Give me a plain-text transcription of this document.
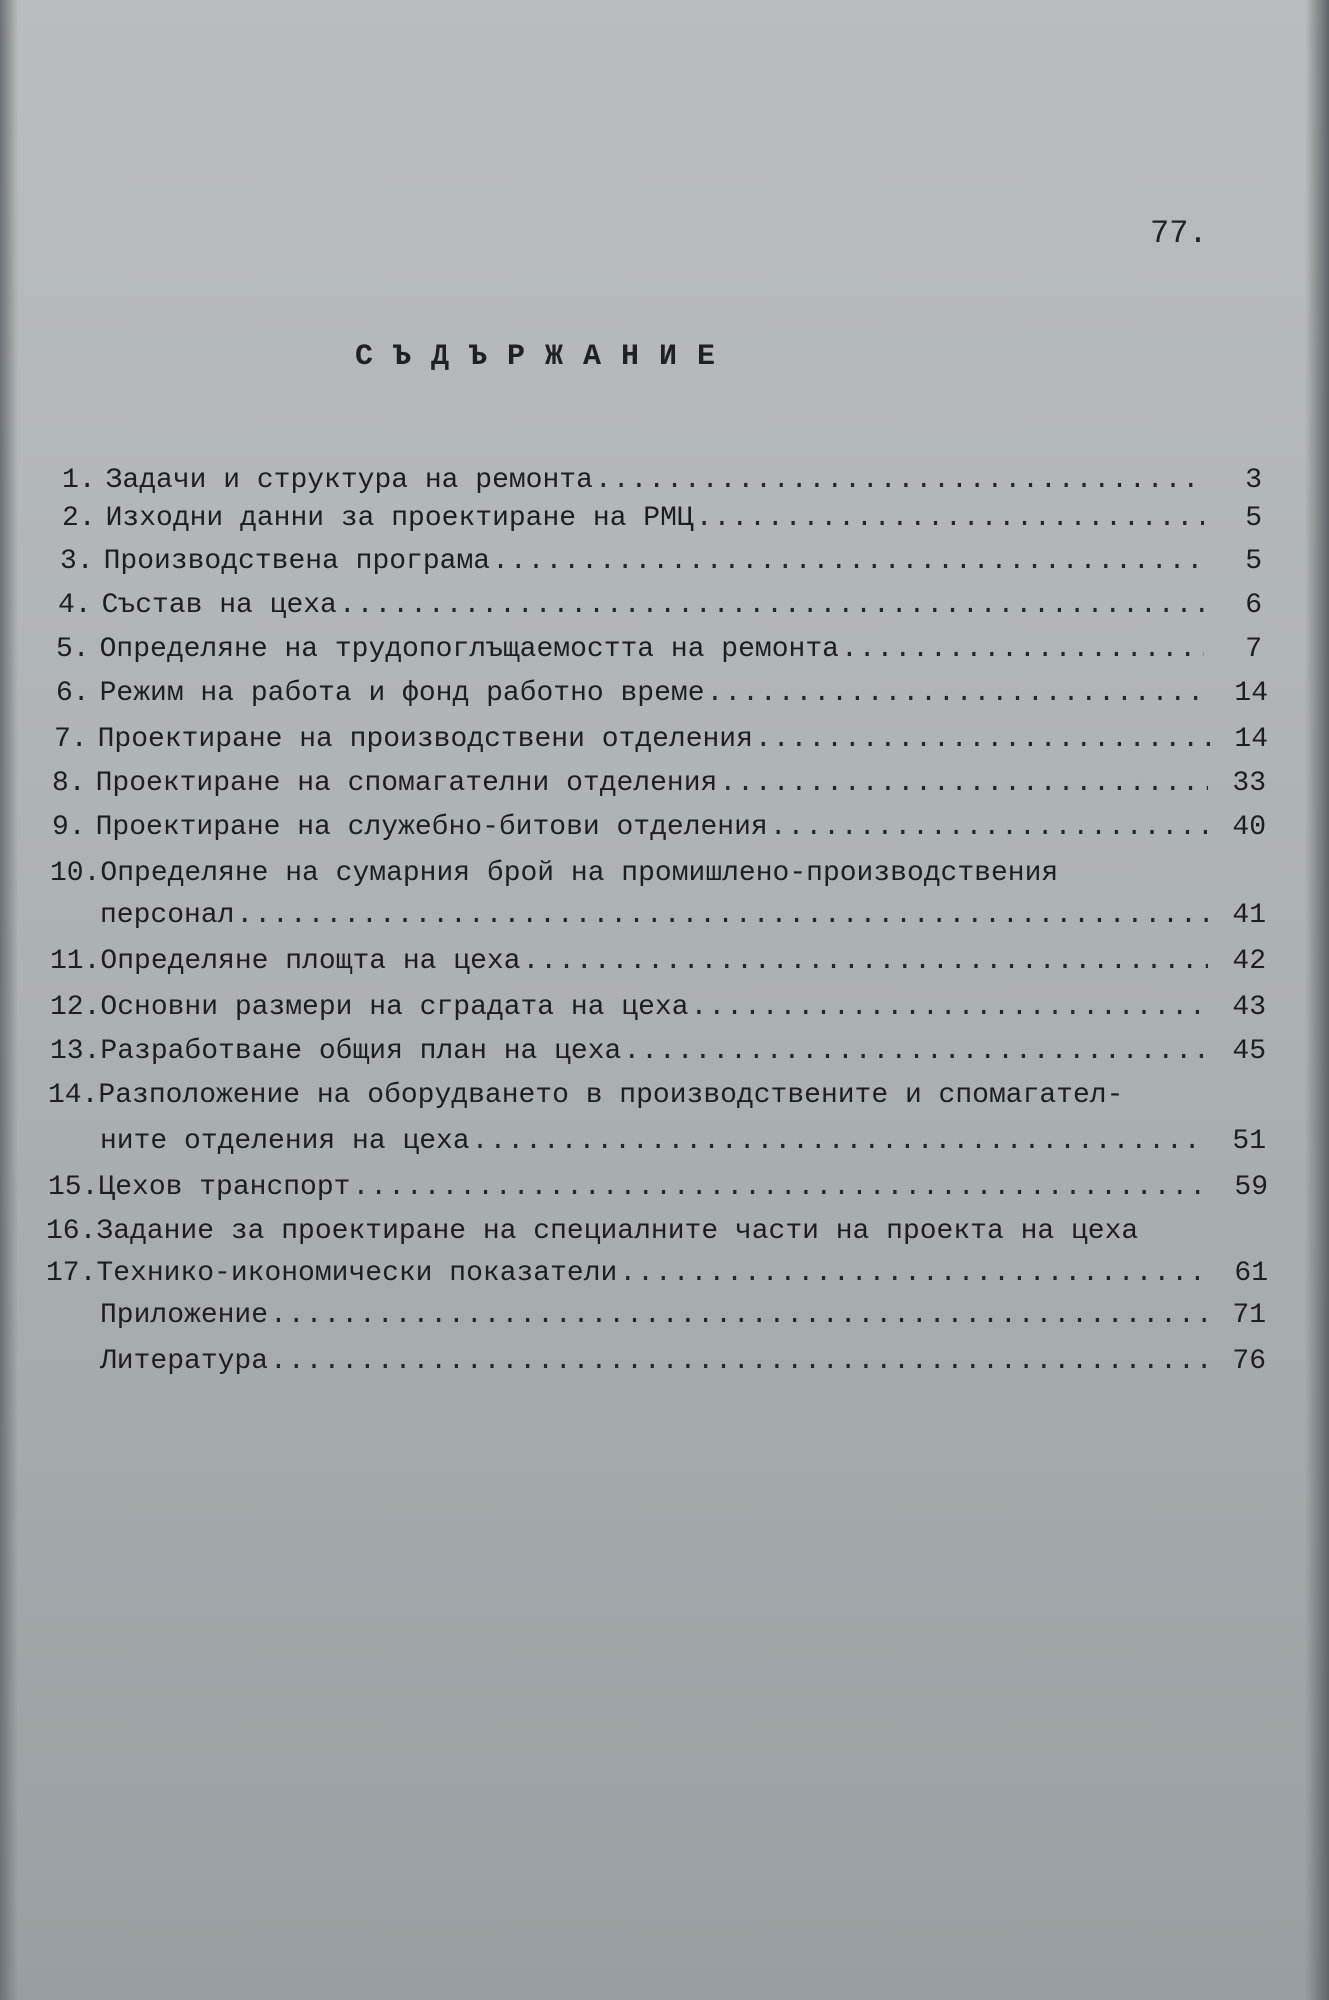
77.
СЪДЪРЖАНИЕ
1. Задачи и структура на ремонта .....	3
2. Изходни данни за проектиране на РМЦ .....	5
3. Производствена програма .....	5
4. Състав на цеха .....	6
5. Определяне на трудопоглъщаемостта на ремонта .....	7
6. Режим на работа и фонд работно време .....	14
7. Проектиране на производствени отделения .....	14
8. Проектиране на спомагателни отделения .....	33
9. Проектиране на служебно-битови отделения .....	40
10. Определяне на сумарния брой на промишлено-производствения
персонал .....	41
11. Определяне площта на цеха .....	42
12. Основни размери на сградата на цеха .....	43
13. Разработване общия план на цеха .....	45
14. Разположение на оборудването в производствените и спомагател-
ните отделения на цеха .....	51
15. Цехов транспорт .....	59
16. Задание за проектиране на специалните части на проекта на цеха
17. Технико-икономически показатели .....	61
Приложение .....	71
Литература .....	76
